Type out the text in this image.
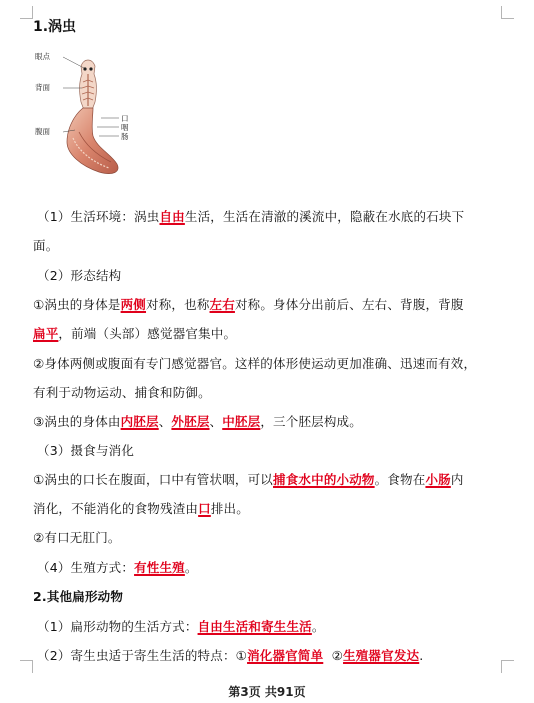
1.涡虫
眼点
背面
腹面
口
咽
肠
（1）生活环境：涡虫自由生活，生活在清澈的溪流中，隐蔽在水底的石块下
面。
（2）形态结构
①涡虫的身体是两侧对称，也称左右对称。身体分出前后、左右、背腹，背腹
扁平，前端（头部）感觉器官集中。
②身体两侧或腹面有专门感觉器官。这样的体形使运动更加准确、迅速而有效，
有利于动物运动、捕食和防御。
③涡虫的身体由内胚层、外胚层、中胚层，三个胚层构成。
（3）摄食与消化
①涡虫的口长在腹面，口中有管状咽，可以捕食水中的小动物。食物在小肠内
消化，不能消化的食物残渣由口排出。
②有口无肛门。
（4）生殖方式：有性生殖。
2.其他扁形动物
（1）扁形动物的生活方式：自由生活和寄生生活。
（2）寄生虫适于寄生生活的特点：①消化器官简单  ②生殖器官发达.
第3页 共91页
